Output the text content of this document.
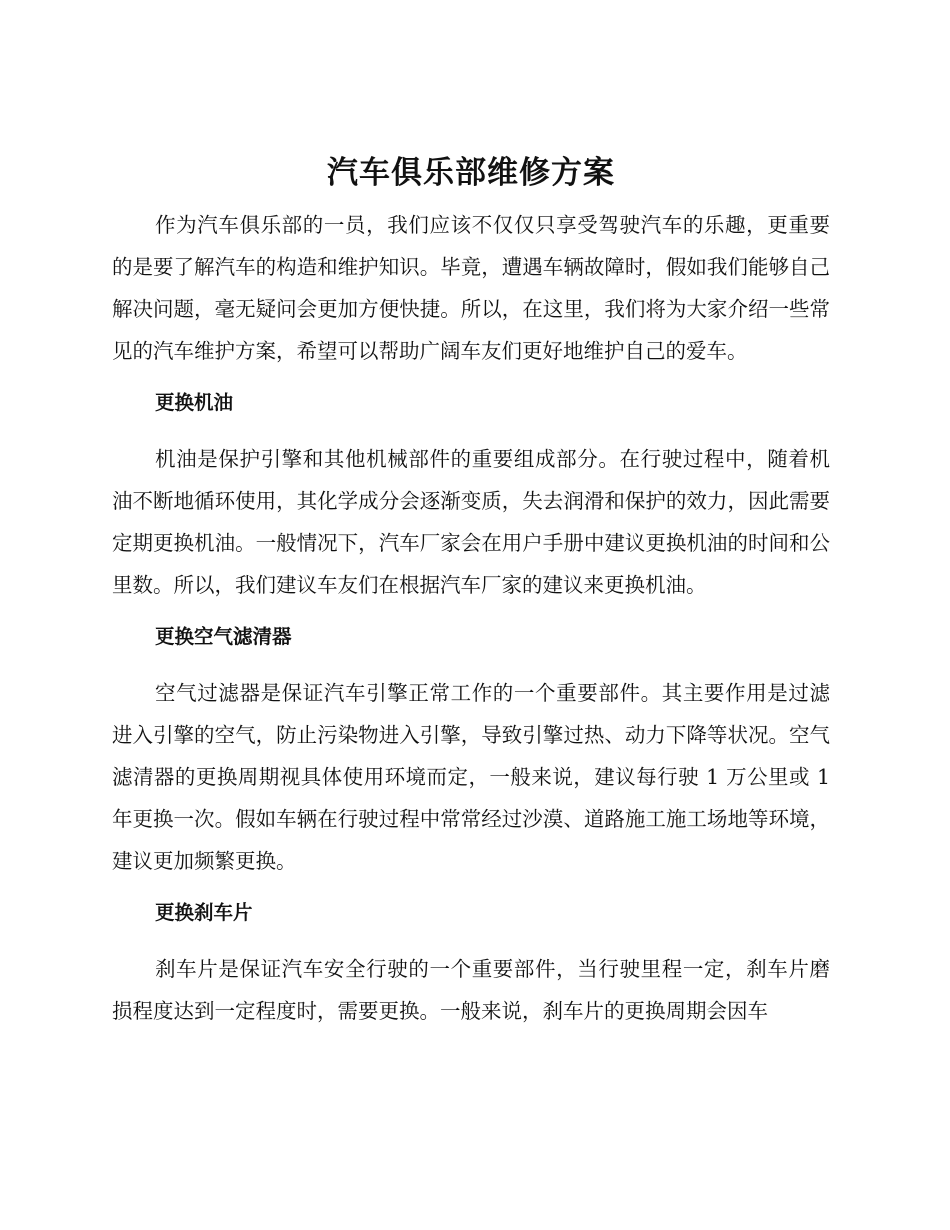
汽车俱乐部维修方案

作为汽车俱乐部的一员，我们应该不仅仅只享受驾驶汽车的乐趣，更重要的是要了解汽车的构造和维护知识。毕竟，遭遇车辆故障时，假如我们能够自己解决问题，毫无疑问会更加方便快捷。所以，在这里，我们将为大家介绍一些常见的汽车维护方案，希望可以帮助广阔车友们更好地维护自己的爱车。

更换机油

机油是保护引擎和其他机械部件的重要组成部分。在行驶过程中，随着机油不断地循环使用，其化学成分会逐渐变质，失去润滑和保护的效力，因此需要定期更换机油。一般情况下，汽车厂家会在用户手册中建议更换机油的时间和公里数。所以，我们建议车友们在根据汽车厂家的建议来更换机油。

更换空气滤清器

空气过滤器是保证汽车引擎正常工作的一个重要部件。其主要作用是过滤进入引擎的空气，防止污染物进入引擎，导致引擎过热、动力下降等状况。空气滤清器的更换周期视具体使用环境而定，一般来说，建议每行驶 1 万公里或 1 年更换一次。假如车辆在行驶过程中常常经过沙漠、道路施工施工场地等环境，建议更加频繁更换。

更换刹车片

刹车片是保证汽车安全行驶的一个重要部件，当行驶里程一定，刹车片磨损程度达到一定程度时，需要更换。一般来说，刹车片的更换周期会因车
